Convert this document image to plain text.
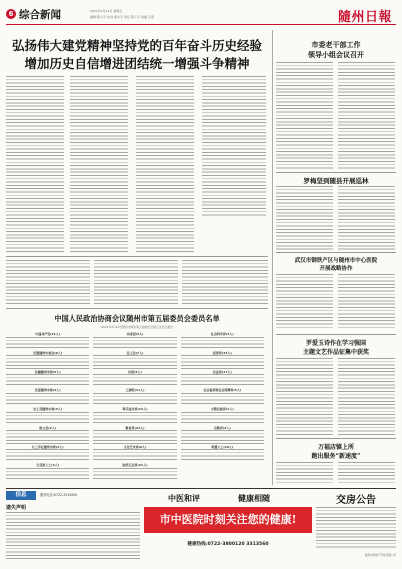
6 综合新闻	2021年3月12日 星期五
编辑:陈小平 校对:黄永平 责任:陈小平 美编:王燕	隨州日報
弘扬伟大建党精神坚持党的百年奋斗历史经验
增加历史自信增进团结统一增强斗争精神
市委老干部工作
领导小组会议召开
罗梅坚到随县开展巡林
武汉市钢铁产区与随州市中心医院
开展战略协作
罗爱玉诗作在学习强国
主题文艺作品征集中获奖
万福店镇上所
跑出服务“新速度”
中国人民政治协商会议随州市第五届委员会委员名单
（2021年3月10日随州市政协第五届委员会第五次会议通过）
中国共产党(21人)
民盟随州市委会(6人)
民建随州市委(5人)
民进随州市委(4人)
农工党随州市委(3人)
致公党(2人)
九三学社随州市委(4人)
无党派人士(4人)
共青团(3人)
总工会(7人)
妇联(5人)
工商联(11人)
科学技术界(12人)
教育界(24人)
文化艺术界(9人)
医药卫生界(21人)
社会科学界(4人)
经济界(43人)
农业界(17人)
社会福利和社会保障界(5人)
少数民族界(1人)
宗教界(2人)
特邀人士(10人)
信息	服务电话:0722-3312000
遗失声明
中医和评	健康相随
市中医院时刻关注您的健康!
健康热线:0722-3800120 3313560
交房公告
随州市房地产开发有限公司
